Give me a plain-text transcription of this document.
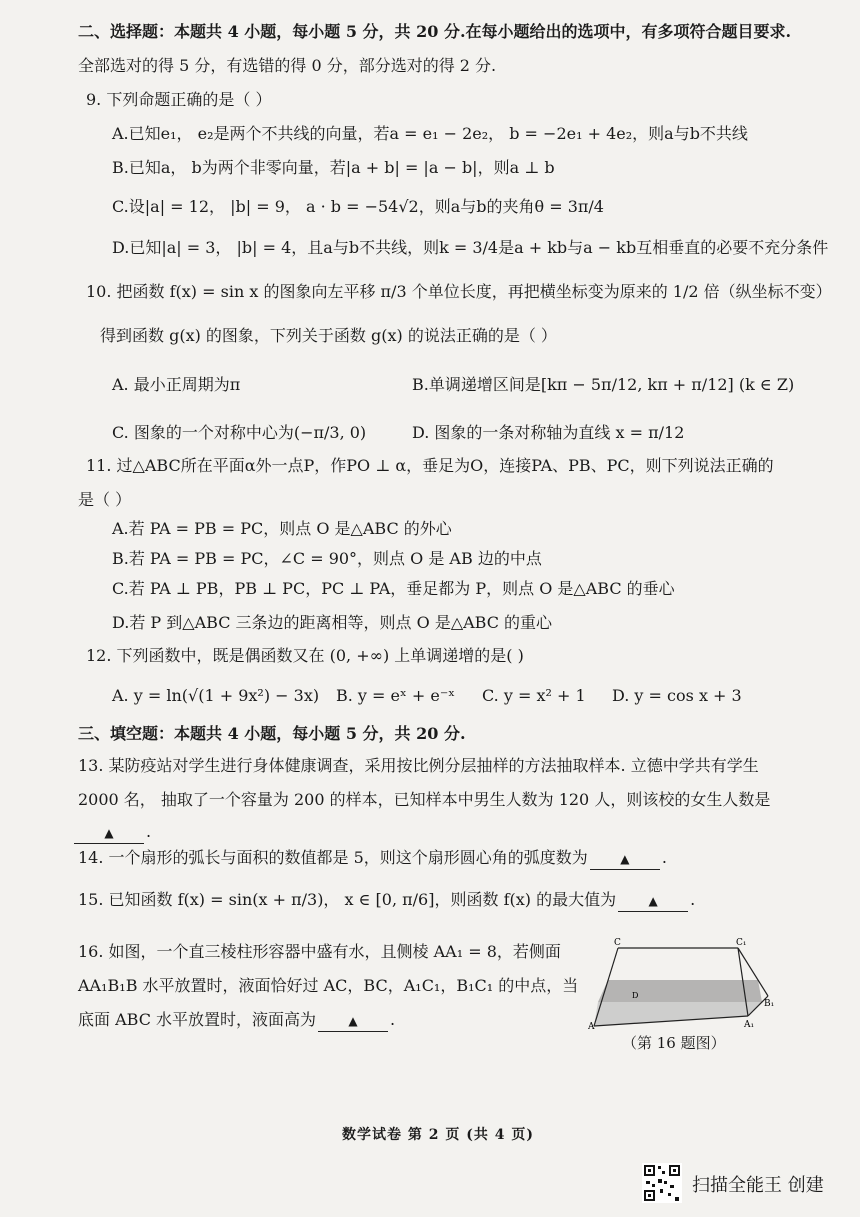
二、选择题：本题共 4 小题，每小题 5 分，共 20 分.在每小题给出的选项中，有多项符合题目要求.
全部选对的得 5 分，有选错的得 0 分，部分选对的得 2 分.
9. 下列命题正确的是（ ）
A.已知e₁， e₂是两个不共线的向量，若a = e₁ − 2e₂， b = −2e₁ + 4e₂，则a与b不共线
B.已知a， b为两个非零向量，若|a + b| = |a − b|，则a ⊥ b
C.设|a| = 12， |b| = 9， a · b = −54√2，则a与b的夹角θ = 3π/4
D.已知|a| = 3， |b| = 4，且a与b不共线，则k = 3/4是a + kb与a − kb互相垂直的必要不充分条件
10. 把函数 f(x) = sin x 的图象向左平移 π/3 个单位长度，再把横坐标变为原来的 1/2 倍（纵坐标不变）
得到函数 g(x) 的图象，下列关于函数 g(x) 的说法正确的是（ ）
A. 最小正周期为π	B.单调递增区间是[kπ − 5π/12, kπ + π/12] (k ∈ Z)
C. 图象的一个对称中心为(−π/3, 0)	D. 图象的一条对称轴为直线 x = π/12
11. 过△ABC所在平面α外一点P，作PO ⊥ α，垂足为O，连接PA、PB、PC，则下列说法正确的
是（ ）
A.若 PA = PB = PC，则点 O 是△ABC 的外心
B.若 PA = PB = PC，∠C = 90°，则点 O 是 AB 边的中点
C.若 PA ⊥ PB，PB ⊥ PC，PC ⊥ PA，垂足都为 P，则点 O 是△ABC 的垂心
D.若 P 到△ABC 三条边的距离相等，则点 O 是△ABC 的重心
12. 下列函数中，既是偶函数又在 (0, +∞) 上单调递增的是( )
A. y = ln(√(1 + 9x²) − 3x) B. y = eˣ + e⁻ˣ C. y = x² + 1 D. y = cos x + 3
三、填空题：本题共 4 小题，每小题 5 分，共 20 分.
13. 某防疫站对学生进行身体健康调查，采用按比例分层抽样的方法抽取样本. 立德中学共有学生
2000 名， 抽取了一个容量为 200 的样本，已知样本中男生人数为 120 人，则该校的女生人数是
▲ .
14. 一个扇形的弧长与面积的数值都是 5，则这个扇形圆心角的弧度数为	▲ .
15. 已知函数 f(x) = sin(x + π/3)， x ∈ [0, π/6]，则函数 f(x) 的最大值为	▲ .
16. 如图，一个直三棱柱形容器中盛有水，且侧棱 AA₁ = 8，若侧面
AA₁B₁B 水平放置时，液面恰好过 AC，BC，A₁C₁，B₁C₁ 的中点，当
底面 ABC 水平放置时，液面高为	▲ .
C	C₁
A	A₁
B₁
D
（第 16 题图）
数学试卷 第 2 页 (共 4 页)
扫描全能王 创建
